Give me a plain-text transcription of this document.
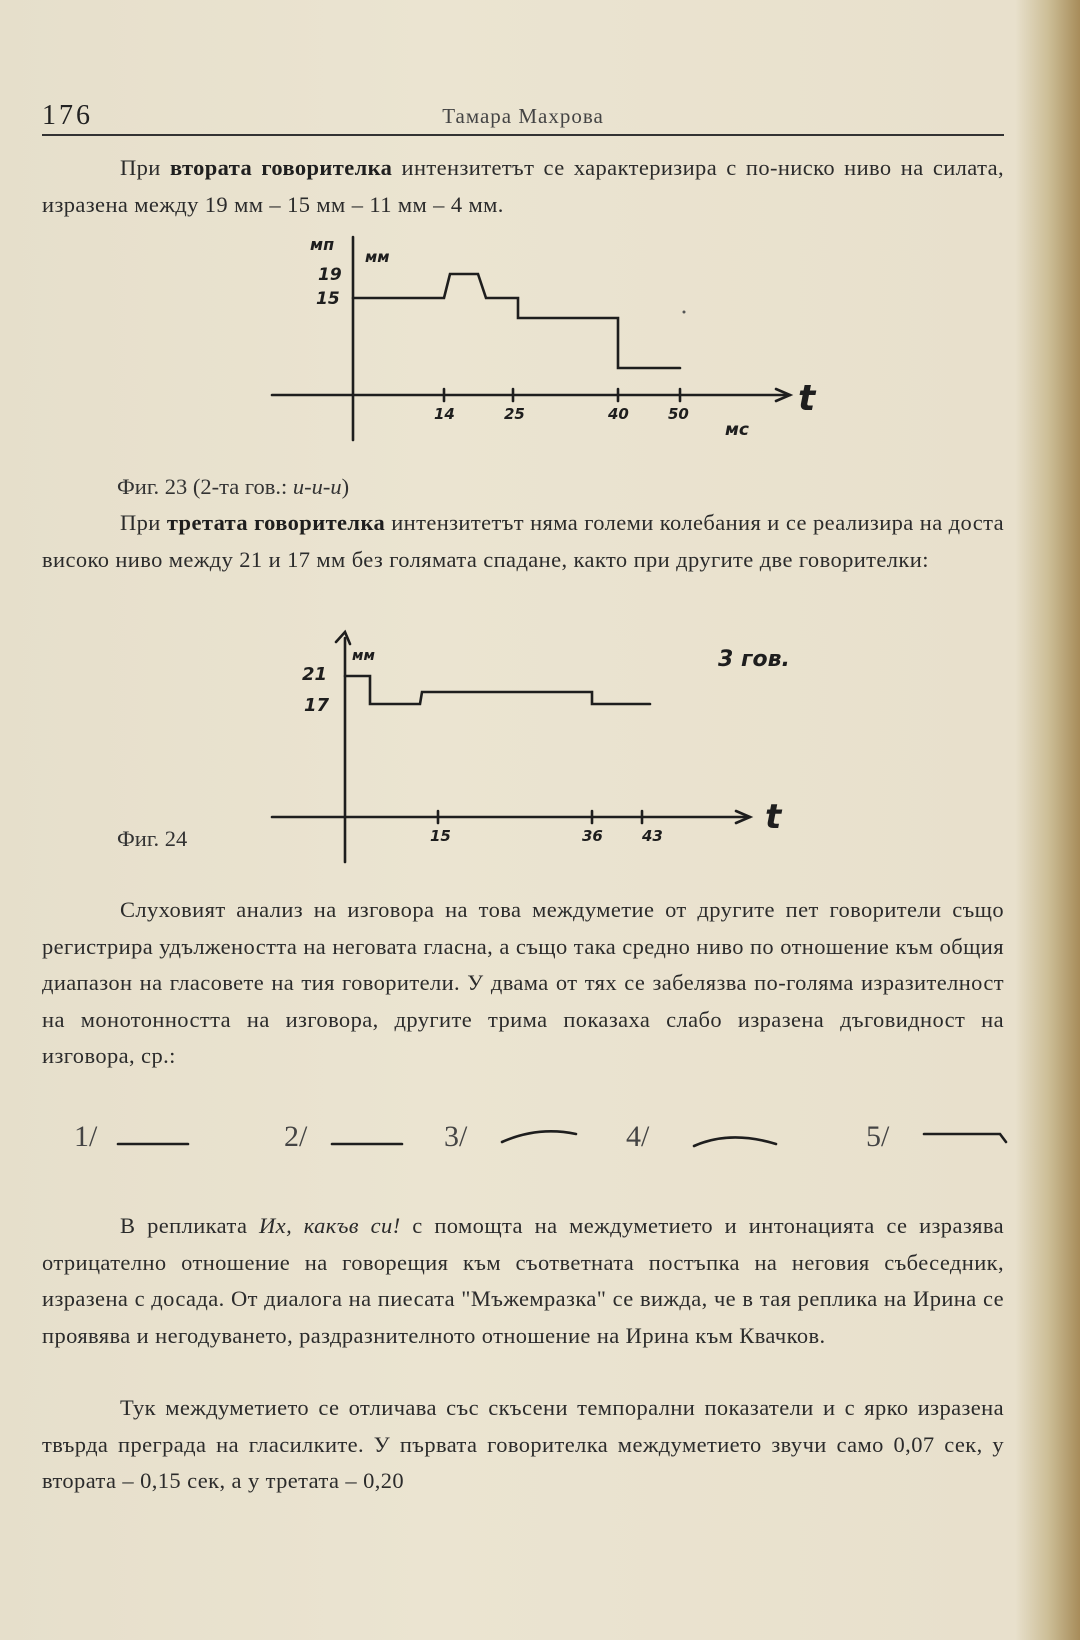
176	Тамара Махрова
При втората говорителка интензитетът се характеризира с по-ниско ниво на силата, изразена между 19 мм – 15 мм – 11 мм – 4 мм.
мп
19
15
мм
14	25	40	50
мс
t
Фиг. 23 (2-та гов.: и-и-и)
При третата говорителка интензитетът няма големи колебания и се реализира на доста високо ниво между 21 и 17 мм без голямата спадане, както при другите две говорителки:
21
17
мм	3 гов.
15	36	43	t
Фиг. 24
Слуховият анализ на изговора на това междуметие от другите пет говорители също регистрира удължеността на неговата гласна, а също така средно ниво по отношение към общия диапазон на гласовете на тия говорители. У двама от тях се забелязва по-голяма изразителност на монотонността на изговора, другите трима показаха слабо изразена дъговидност на изговора, ср.:
1/	2/	3/	4/	5/
В репликата Их, какъв си! с помощта на междуметието и интонацията се изразява отрицателно отношение на говорещия към съответната постъпка на неговия събеседник, изразена с досада. От диалога на пиесата "Мъжемразка" се вижда, че в тая реплика на Ирина се проявява и негодуването, раздразнителното отношение на Ирина към Квачков.
Тук междуметието се отличава със скъсени темпорални показатели и с ярко изразена твърда преграда на гласилките. У първата говорителка междуметието звучи само 0,07 сек, у втората – 0,15 сек, а у третата – 0,20
